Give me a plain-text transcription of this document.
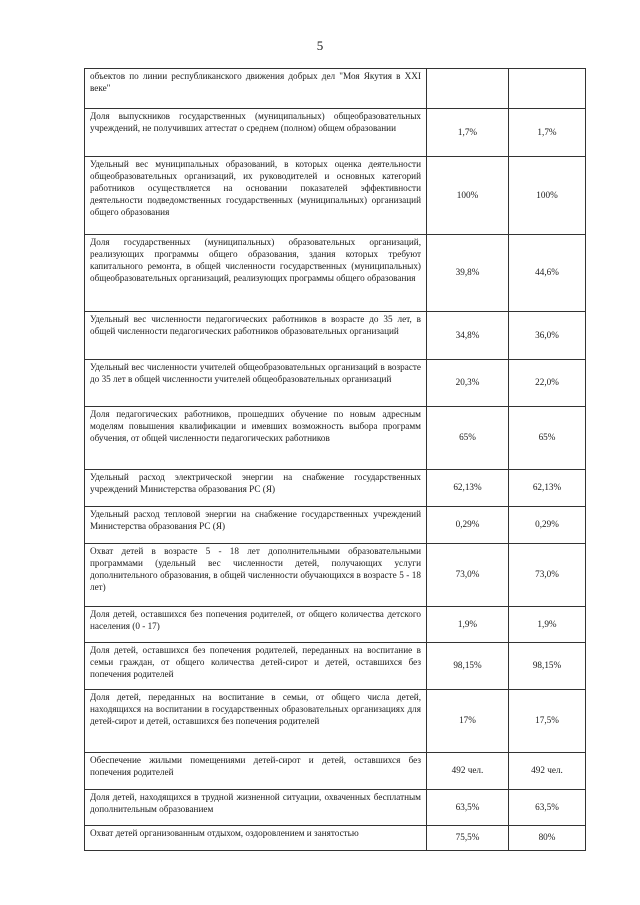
5
объектов по линии республиканского движения добрых дел "Моя Якутия в XXI веке"		
Доля выпускников государственных (муниципальных) общеобразовательных учреждений, не получивших аттестат о среднем (полном) общем образовании	1,7%	1,7%
Удельный вес муниципальных образований, в которых оценка деятельности общеобразовательных организаций, их руководителей и основных категорий работников осуществляется на основании показателей эффективности деятельности подведомственных государственных (муниципальных) организаций общего образования	100%	100%
Доля государственных (муниципальных) образовательных организаций, реализующих программы общего образования, здания которых требуют капитального ремонта, в общей численности государственных (муниципальных) общеобразовательных организаций, реализующих программы общего образования	39,8%	44,6%
Удельный вес численности педагогических работников в возрасте до 35 лет, в общей численности педагогических работников образовательных организаций	34,8%	36,0%
Удельный вес численности учителей общеобразовательных организаций в возрасте до 35 лет в общей численности учителей общеобразовательных организаций	20,3%	22,0%
Доля педагогических работников, прошедших обучение по новым адресным моделям повышения квалификации и имевших возможность выбора программ обучения, от общей численности педагогических работников	65%	65%
Удельный расход электрической энергии на снабжение государственных учреждений Министерства образования РС (Я)	62,13%	62,13%
Удельный расход тепловой энергии на снабжение государственных учреждений Министерства образования РС (Я)	0,29%	0,29%
Охват детей в возрасте 5 - 18 лет дополнительными образовательными программами (удельный вес численности детей, получающих услуги дополнительного образования, в общей численности обучающихся в возрасте 5 - 18 лет)	73,0%	73,0%
Доля детей, оставшихся без попечения родителей, от общего количества детского населения (0 - 17)	1,9%	1,9%
Доля детей, оставшихся без попечения родителей, переданных на воспитание в семьи граждан, от общего количества детей-сирот и детей, оставшихся без попечения родителей	98,15%	98,15%
Доля детей, переданных на воспитание в семьи, от общего числа детей, находящихся на воспитании в государственных образовательных организациях для детей-сирот и детей, оставшихся без попечения родителей	17%	17,5%
Обеспечение жилыми помещениями детей-сирот и детей, оставшихся без попечения родителей	492 чел.	492 чел.
Доля детей, находящихся в трудной жизненной ситуации, охваченных бесплатным дополнительным образованием	63,5%	63,5%
Охват детей организованным отдыхом, оздоровлением и занятостью	75,5%	80%
